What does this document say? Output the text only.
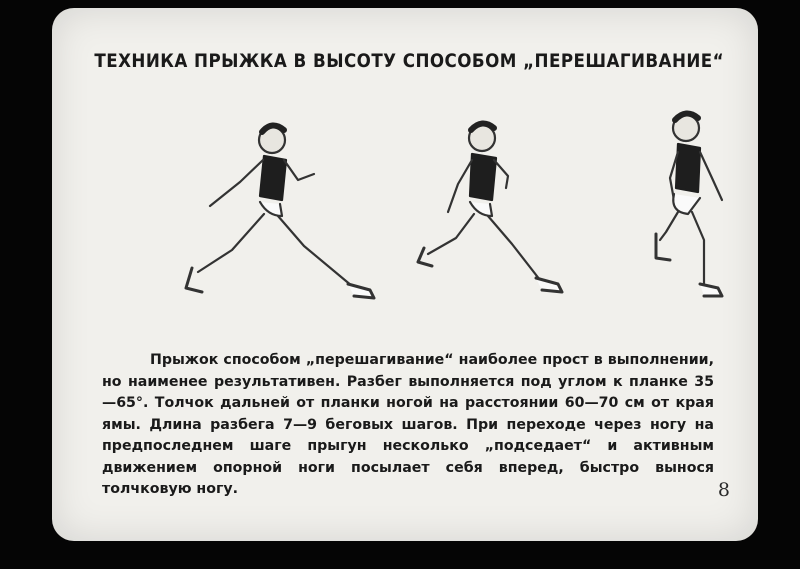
ТЕХНИКА ПРЫЖКА В ВЫСОТУ СПОСОБОМ „ПЕРЕШАГИВАНИЕ“

Прыжок способом „перешагивание“ наиболее прост в выполнении, но наименее результативен. Разбег выполняется под углом к планке 35—65°. Толчок дальней от планки ногой на расстоянии 60—70 см от края ямы. Длина разбега 7—9 беговых шагов. При переходе через ногу на предпоследнем шаге прыгун несколько „подседает“ и активным движением опорной ноги посылает себя вперед, быстро вынося толчковую ногу.	8
